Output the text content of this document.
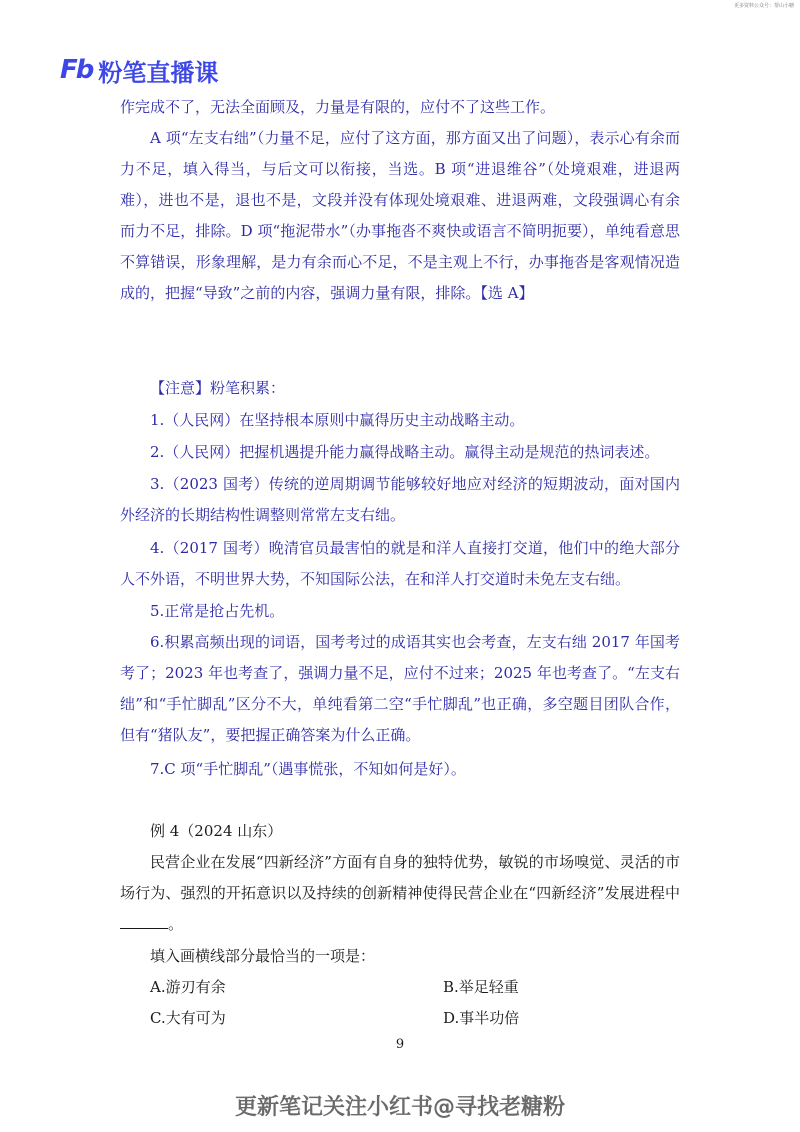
更多资料公众号：帮山小糖
Fb 粉笔直播课
作完成不了，无法全面顾及，力量是有限的，应付不了这些工作。
A 项“左支右绌”（力量不足，应付了这方面，那方面又出了问题），表示心有余而力不足，填入得当，与后文可以衔接，当选。B 项“进退维谷”（处境艰难，进退两难），进也不是，退也不是，文段并没有体现处境艰难、进退两难，文段强调心有余而力不足，排除。D 项“拖泥带水”（办事拖沓不爽快或语言不简明扼要），单纯看意思不算错误，形象理解，是力有余而心不足，不是主观上不行，办事拖沓是客观情况造成的，把握“导致”之前的内容，强调力量有限，排除。【选 A】
【注意】粉笔积累：
1.（人民网）在坚持根本原则中赢得历史主动战略主动。
2.（人民网）把握机遇提升能力赢得战略主动。赢得主动是规范的热词表述。
3.（2023 国考）传统的逆周期调节能够较好地应对经济的短期波动，面对国内外经济的长期结构性调整则常常左支右绌。
4.（2017 国考）晚清官员最害怕的就是和洋人直接打交道，他们中的绝大部分人不外语，不明世界大势，不知国际公法，在和洋人打交道时未免左支右绌。
5.正常是抢占先机。
6.积累高频出现的词语，国考考过的成语其实也会考查，左支右绌 2017 年国考考了；2023 年也考查了，强调力量不足，应付不过来；2025 年也考查了。“左支右绌”和“手忙脚乱”区分不大，单纯看第二空“手忙脚乱”也正确，多空题目团队合作，但有“猪队友”，要把握正确答案为什么正确。
7.C 项“手忙脚乱”（遇事慌张，不知如何是好）。
例 4（2024 山东）
民营企业在发展“四新经济”方面有自身的独特优势，敏锐的市场嗅觉、灵活的市场行为、强烈的开拓意识以及持续的创新精神使得民营企业在“四新经济”发展进程中。
填入画横线部分最恰当的一项是：
A.游刃有余	B.举足轻重
C.大有可为	D.事半功倍
9
更新笔记关注小红书@寻找老糖粉
